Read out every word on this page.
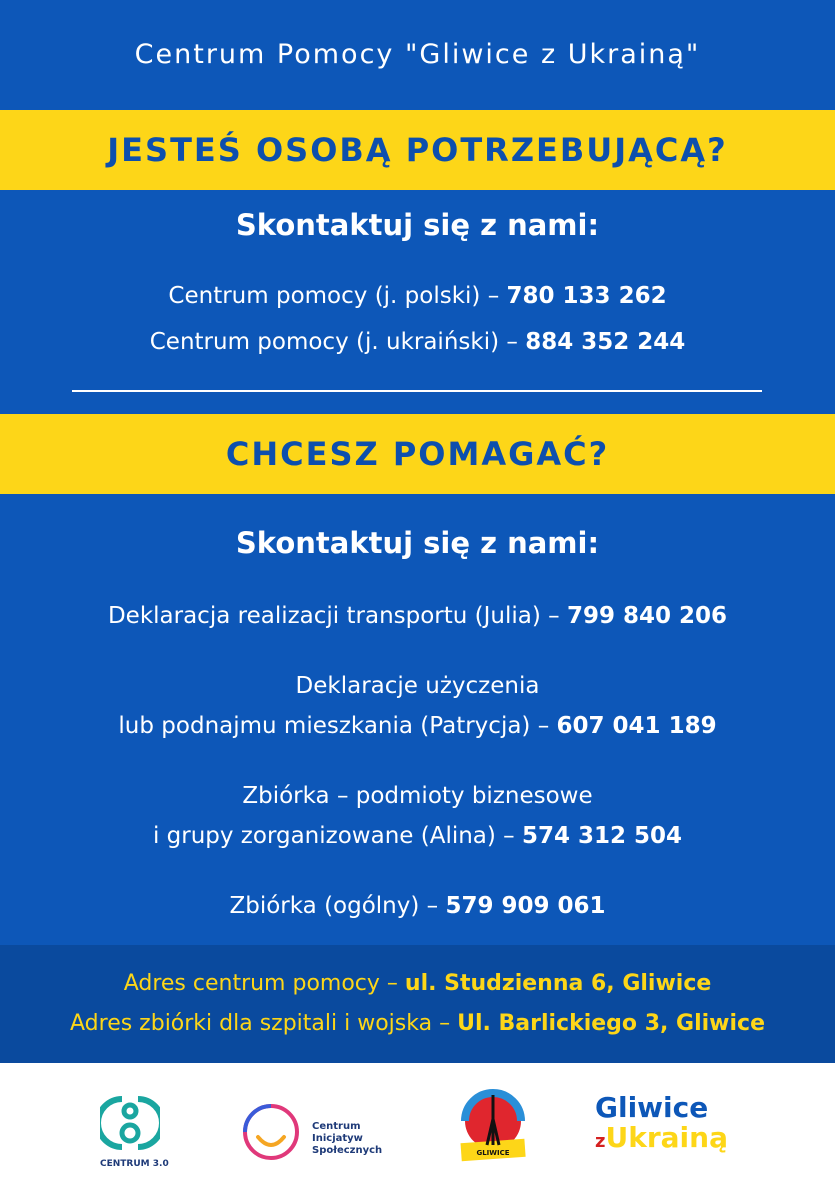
Centrum Pomocy "Gliwice z Ukrainą"
JESTEŚ OSOBĄ POTRZEBUJĄCĄ?
Skontaktuj się z nami:
Centrum pomocy (j. polski) – 780 133 262
Centrum pomocy (j. ukraiński) – 884 352 244
CHCESZ POMAGAĆ?
Skontaktuj się z nami:
Deklaracja realizacji transportu (Julia) – 799 840 206
Deklaracje użyczenia
lub podnajmu mieszkania (Patrycja) – 607 041 189
Zbiórka – podmioty biznesowe
i grupy zorganizowane (Alina) – 574 312 504
Zbiórka (ogólny) – 579 909 061
Adres centrum pomocy – ul. Studzienna 6, Gliwice
Adres zbiórki dla szpitali i wojska – Ul. Barlickiego 3, Gliwice
CENTRUM 3.0
Centrum
Inicjatyw
Społecznych	GLIWICE
Gliwice
zUkrainą
